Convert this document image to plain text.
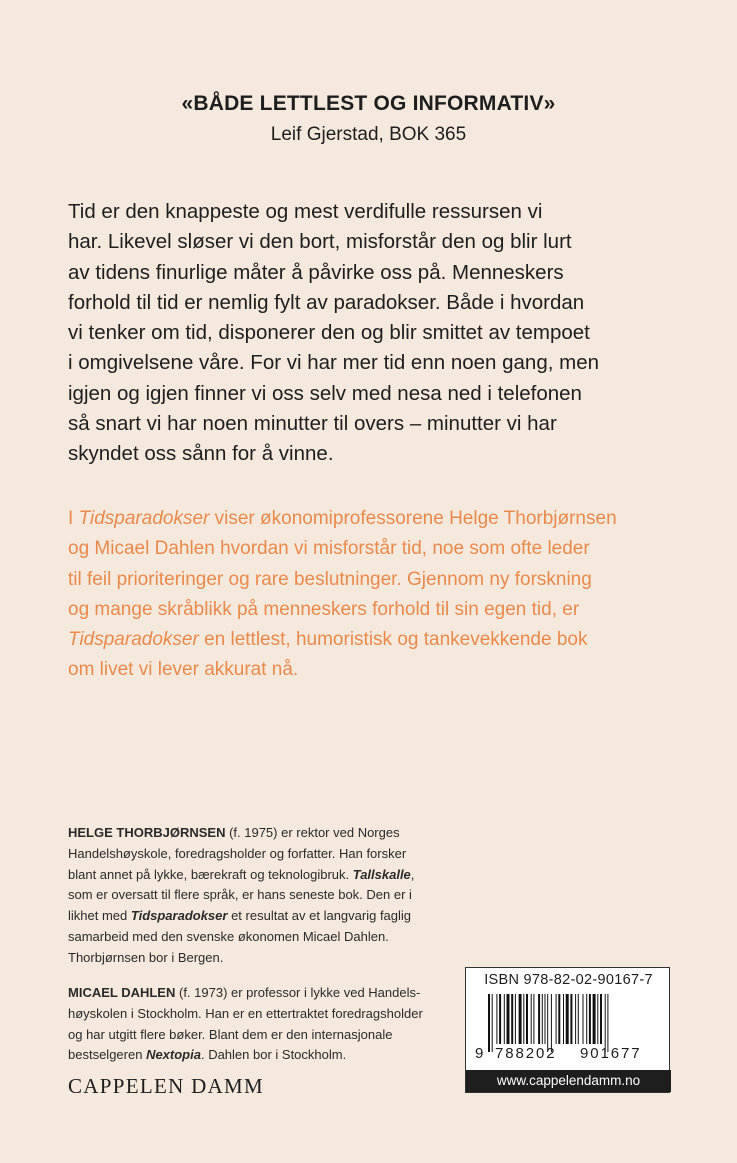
«BÅDE LETTLEST OG INFORMATIV»
Leif Gjerstad, BOK 365
Tid er den knappeste og mest verdifulle ressursen vi
har. Likevel sløser vi den bort, misforstår den og blir lurt
av tidens finurlige måter å påvirke oss på. Menneskers
forhold til tid er nemlig fylt av paradokser. Både i hvordan
vi tenker om tid, disponerer den og blir smittet av tempoet
i omgivelsene våre. For vi har mer tid enn noen gang, men
igjen og igjen finner vi oss selv med nesa ned i telefonen
så snart vi har noen minutter til overs – minutter vi har
skyndet oss sånn for å vinne.
I Tidsparadokser viser økonomiprofessorene Helge Thorbjørnsen
og Micael Dahlen hvordan vi misforstår tid, noe som ofte leder
til feil prioriteringer og rare beslutninger. Gjennom ny forskning
og mange skråblikk på menneskers forhold til sin egen tid, er
Tidsparadokser en lettlest, humoristisk og tankevekkende bok
om livet vi lever akkurat nå.
HELGE THORBJØRNSEN (f. 1975) er rektor ved Norges
Handelshøyskole, foredragsholder og forfatter. Han forsker
blant annet på lykke, bærekraft og teknologibruk. Tallskalle,
som er oversatt til flere språk, er hans seneste bok. Den er i
likhet med Tidsparadokser et resultat av et langvarig faglig
samarbeid med den svenske økonomen Micael Dahlen.
Thorbjørnsen bor i Bergen.
MICAEL DAHLEN (f. 1973) er professor i lykke ved Handels-
høyskolen i Stockholm. Han er en ettertraktet foredragsholder
og har utgitt flere bøker. Blant dem er den internasjonale
bestselgeren Nextopia. Dahlen bor i Stockholm.
CAPPELEN DAMM
ISBN 978-82-02-90167-7
9 788202 901677
www.cappelendamm.no
